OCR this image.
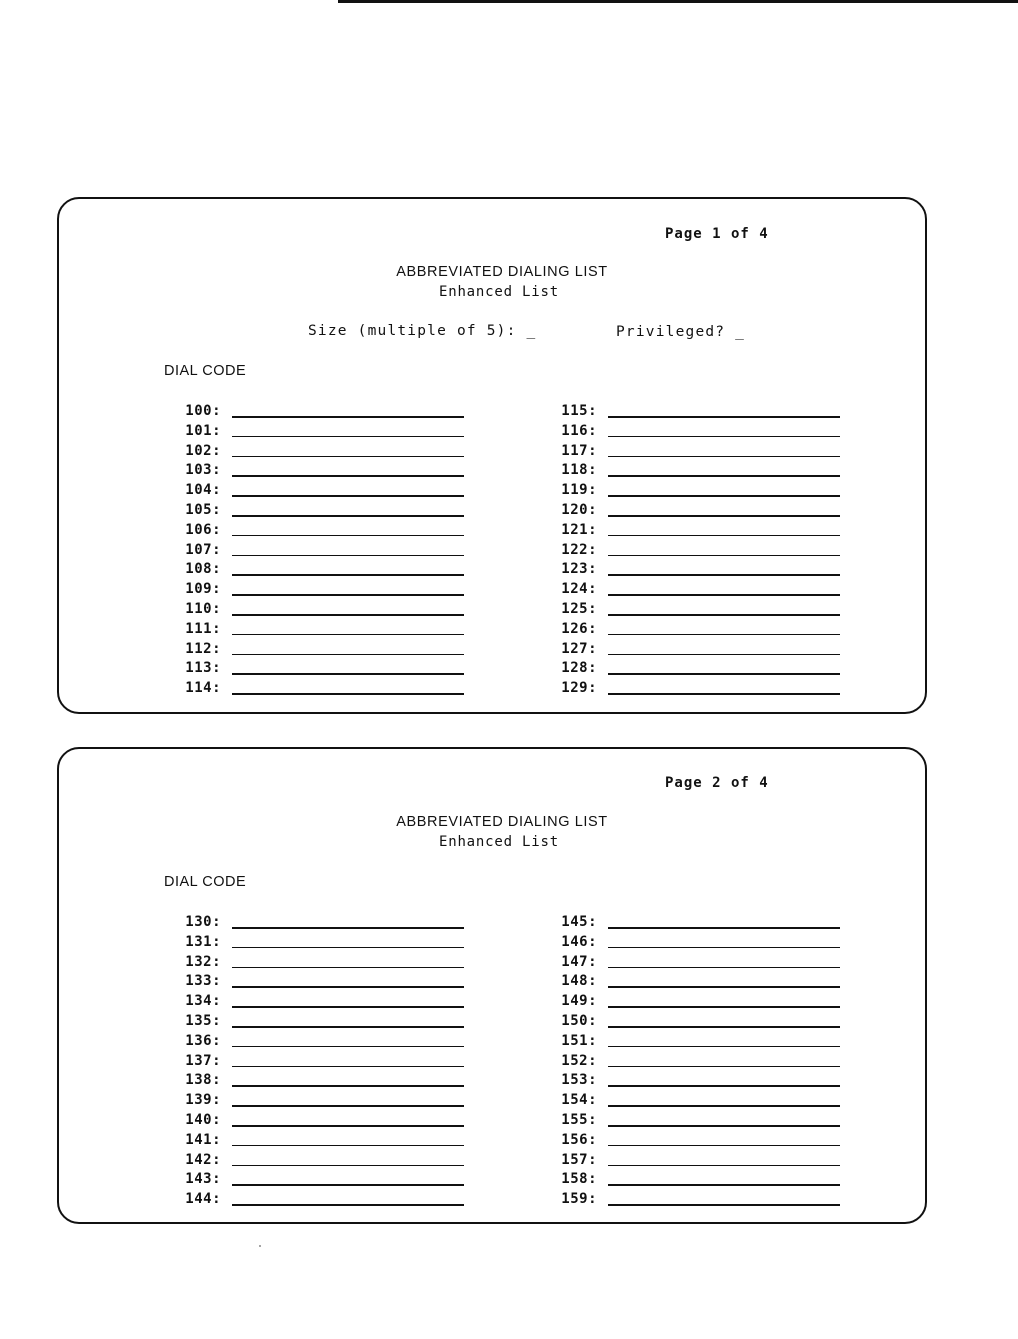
Page 1 of 4
ABBREVIATED DIALING LIST
Enhanced List
Size (multiple of 5): _	Privileged? _
DIAL CODE
100:
101:
102:
103:
104:
105:
106:
107:
108:
109:
110:
111:
112:
113:
114:
115:
116:
117:
118:
119:
120:
121:
122:
123:
124:
125:
126:
127:
128:
129:
Page 2 of 4
ABBREVIATED DIALING LIST
Enhanced List
DIAL CODE
130:
131:
132:
133:
134:
135:
136:
137:
138:
139:
140:
141:
142:
143:
144:
145:
146:
147:
148:
149:
150:
151:
152:
153:
154:
155:
156:
157:
158:
159:
